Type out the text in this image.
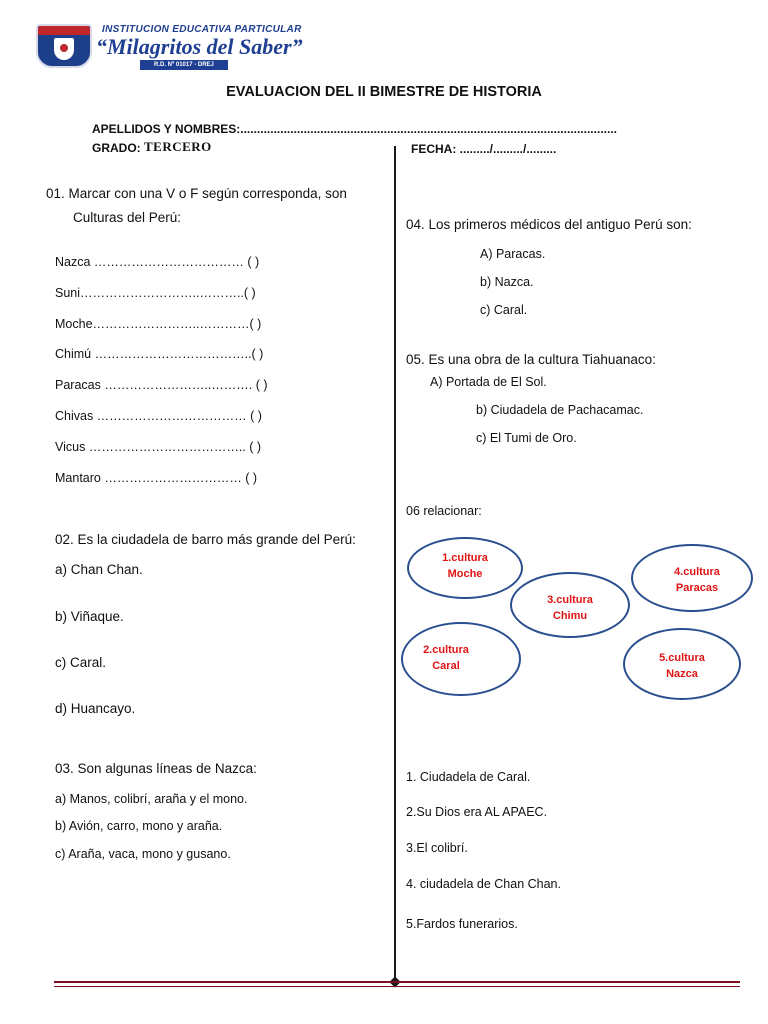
INSTITUCION EDUCATIVA PARTICULAR
“Milagritos del Saber”
R.D. Nº 01017 - DREJ
EVALUACION DEL II BIMESTRE DE HISTORIA
APELLIDOS Y NOMBRES:.................................................................................................................
GRADO: TERCERO	FECHA: ........./........./.........
01. Marcar con una V o F según corresponda, son
Culturas del Perú:
Nazca ……………………………… ( )
Suni………………………..………..( )
Moche……………………..…………( )
Chimú ………………………………..( )
Paracas ……………………..………. ( )
Chivas ……………………………… ( )
Vicus ……………………………….. ( )
Mantaro …………………………… ( )
02. Es la ciudadela de barro más grande del Perú:
a) Chan Chan.
b) Viñaque.
c) Caral.
d) Huancayo.
03. Son algunas líneas de Nazca:
a) Manos, colibrí, araña y el mono.
b) Avión, carro, mono y araña.
c) Araña, vaca, mono y gusano.
04. Los primeros médicos del antiguo Perú son:
A) Paracas.
b) Nazca.
c) Caral.
05. Es una obra de la cultura Tiahuanaco:
A) Portada de El Sol.
b) Ciudadela de Pachacamac.
c) El Tumi de Oro.
06 relacionar:
1.cultura
Moche
3.cultura
Chimu
4.cultura
Paracas
2.cultura
Caral
5.cultura
Nazca
1. Ciudadela de Caral.
2.Su Dios era AL APAEC.
3.El colibrí.
4. ciudadela de Chan Chan.
5.Fardos funerarios.
